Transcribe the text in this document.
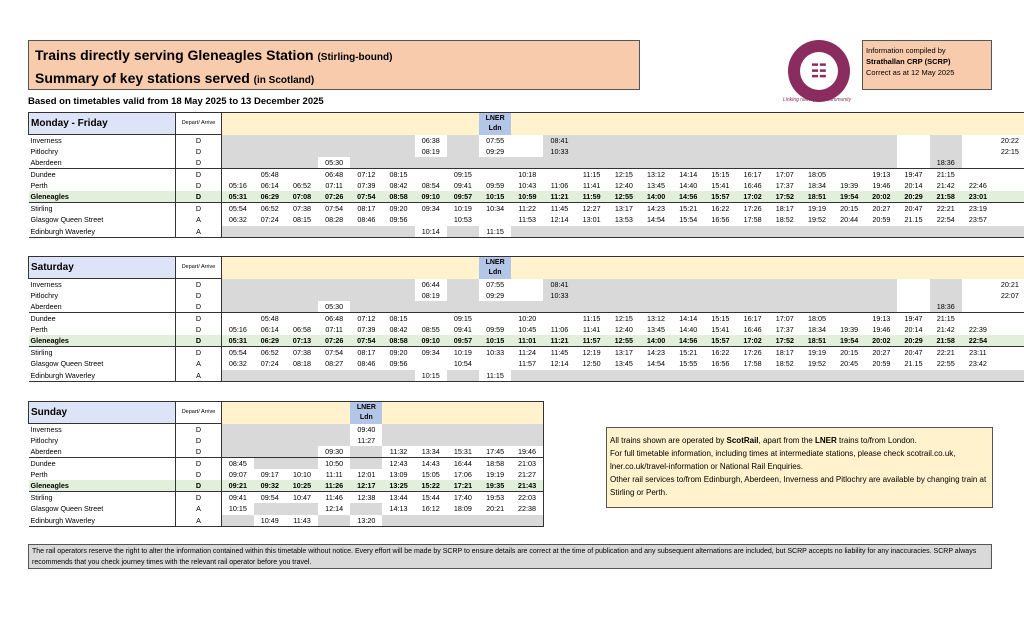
Trains directly serving Gleneagles Station (Stirling-bound)
Summary of key stations served (in Scotland)	☷
Linking railway and community
Information compiled by
Strathallan CRP (SCRP)
Correct as at 12 May 2025
Based on timetables valid from 18 May 2025 to 13 December 2025
Monday - Friday	Depart/ Arrive									LNER Ldn																
Inverness	D							06:38		07:55		08:41														20:22
Pitlochry	D							08:19		09:29		10:33														22:15
Aberdeen	D				05:30																			18:36		
Dundee	D		05:48		06:48	07:12	08:15		09:15		10:18		11:15	12:15	13:12	14:14	15:15	16:17	17:07	18:05		19:13	19:47	21:15		
Perth	D	05:16	06:14	06:52	07:11	07:39	08:42	08:54	09:41	09:59	10:43	11:06	11:41	12:40	13:45	14:40	15:41	16:46	17:37	18:34	19:39	19:46	20:14	21:42	22:46	
Gleneagles	D	05:31	06:29	07:08	07:26	07:54	08:58	09:10	09:57	10:15	10:59	11:21	11:59	12:55	14:00	14:56	15:57	17:02	17:52	18:51	19:54	20:02	20:29	21:58	23:01	
Stirling	D	05:54	06:52	07:38	07:54	08:17	09:20	09:34	10:19	10:34	11:22	11:45	12:27	13:17	14:23	15:21	16:22	17:26	18:17	19:19	20:15	20:27	20:47	22:21	23:19	
Glasgow Queen Street	A	06:32	07:24	08:15	08:28	08:46	09:56		10:53		11:53	12:14	13:01	13:53	14:54	15:54	16:56	17:58	18:52	19:52	20:44	20:59	21.15	22:54	23:57	
Edinburgh Waverley	A							10:14		11:15																
Saturday	Depart/ Arrive									LNER Ldn																
Inverness	D							06:44		07:55		08:41														20:21
Pitlochry	D							08:19		09:29		10:33														22:07
Aberdeen	D				05:30																			18:36		
Dundee	D		05:48		06:48	07:12	08:15		09:15		10:20		11:15	12:15	13:12	14:14	15:15	16:17	17:07	18:05		19:13	19:47	21:15		
Perth	D	05:16	06:14	06:58	07:11	07:39	08:42	08:55	09:41	09:59	10:45	11:06	11:41	12:40	13:45	14:40	15:41	16:46	17:37	18:34	19:39	19:46	20:14	21:42	22:39	
Gleneagles	D	05:31	06:29	07:13	07:26	07:54	08:58	09:10	09:57	10:15	11:01	11:21	11:57	12:55	14:00	14:56	15:57	17:02	17:52	18:51	19:54	20:02	20:29	21:58	22:54	
Stirling	D	05:54	06:52	07:38	07:54	08:17	09:20	09:34	10:19	10:33	11:24	11:45	12:19	13:17	14:23	15:21	16:22	17:26	18:17	19:19	20:15	20:27	20:47	22:21	23:11	
Glasgow Queen Street	A	06:32	07:24	08:18	08:27	08:46	09:56		10:54		11:57	12:14	12:50	13:45	14:54	15:55	16:56	17:58	18:52	19:52	20:45	20:59	21.15	22:55	23:42	
Edinburgh Waverley	A							10:15		11:15																
Sunday	Depart/ Arrive					LNER Ldn					
Inverness	D					09:40					
Pitlochry	D					11:27					
Aberdeen	D				09:30		11:32	13:34	15:31	17:45	19:46
Dundee	D	08:45			10:50		12:43	14:43	16:44	18:58	21:03
Perth	D	09:07	09:17	10:10	11:11	12:01	13:09	15:05	17:06	19:19	21:27
Gleneagles	D	09:21	09:32	10:25	11:26	12:17	13:25	15:22	17:21	19:35	21:43
Stirling	D	09:41	09:54	10:47	11:46	12:38	13:44	15:44	17:40	19:53	22:03
Glasgow Queen Street	A	10:15			12:14		14:13	16:12	18:09	20:21	22:38
Edinburgh Waverley	A		10:49	11:43		13:20					
All trains shown are operated by ScotRail, apart from the LNER trains to/from London.
For full timetable information, including times at intermediate stations, please check scotrail.co.uk, lner.co.uk/travel-information or National Rail Enquiries.
Other rail services to/from Edinburgh, Aberdeen, Inverness and Pitlochry are available by changing train at Stirling or Perth.
The rail operators reserve the right to alter the information contained within this timetable without notice. Every effort will be made by SCRP to ensure details are correct at the time of publication and any subsequent alternations are included, but SCRP accepts no liability for any inaccuracies. SCRP always recommends that you check journey times with the relevant rail operator before you travel.
